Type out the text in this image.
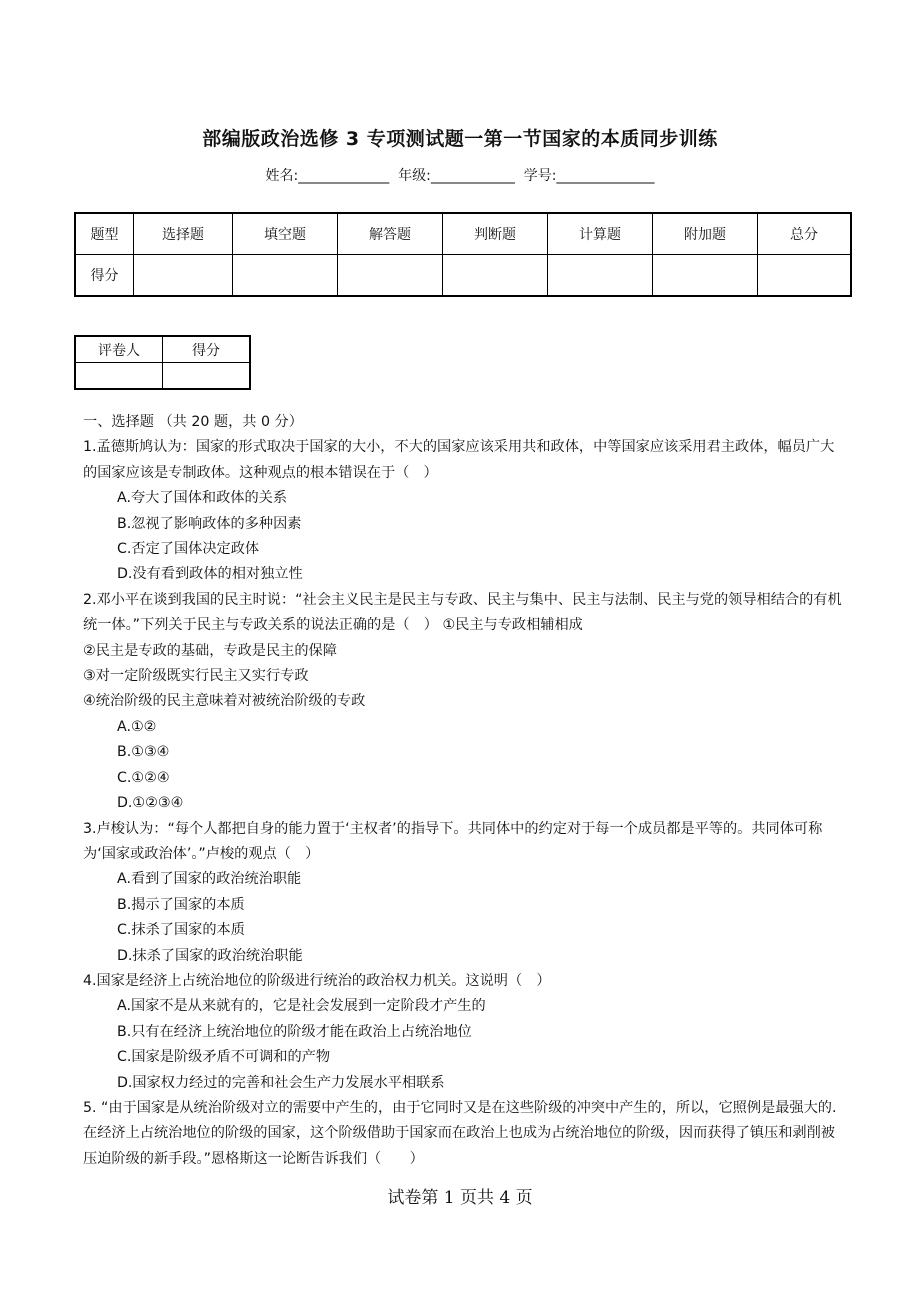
部编版政治选修 3 专项测试题一第一节国家的本质同步训练
姓名:_____________ 年级:____________ 学号:______________
题型	选择题	填空题	解答题	判断题	计算题	附加题	总分
得分							
评卷人	得分

一、选择题 （共 20 题，共 0 分）

1.孟德斯鸠认为：国家的形式取决于国家的大小，不大的国家应该采用共和政体，中等国家应该采用君主政体，幅员广大的国家应该是专制政体。这种观点的根本错误在于（　）

A.夸大了国体和政体的关系

B.忽视了影响政体的多种因素

C.否定了国体决定政体

D.没有看到政体的相对独立性

2.邓小平在谈到我国的民主时说：“社会主义民主是民主与专政、民主与集中、民主与法制、民主与党的领导相结合的有机统一体。”下列关于民主与专政关系的说法正确的是（　） ①民主与专政相辅相成

②民主是专政的基础，专政是民主的保障

③对一定阶级既实行民主又实行专政

④统治阶级的民主意味着对被统治阶级的专政

A.①②

B.①③④

C.①②④

D.①②③④

3.卢梭认为：“每个人都把自身的能力置于‘主权者’的指导下。共同体中的约定对于每一个成员都是平等的。共同体可称为‘国家或政治体’。”卢梭的观点（　）

A.看到了国家的政治统治职能

B.揭示了国家的本质

C.抹杀了国家的本质

D.抹杀了国家的政治统治职能

4.国家是经济上占统治地位的阶级进行统治的政治权力机关。这说明（　）

A.国家不是从来就有的，它是社会发展到一定阶段才产生的

B.只有在经济上统治地位的阶级才能在政治上占统治地位

C.国家是阶级矛盾不可调和的产物

D.国家权力经过的完善和社会生产力发展水平相联系

5. “由于国家是从统治阶级对立的需要中产生的，由于它同时又是在这些阶级的冲突中产生的，所以，它照例是最强大的.在经济上占统治地位的阶级的国家，这个阶级借助于国家而在政治上也成为占统治地位的阶级，因而获得了镇压和剥削被压迫阶级的新手段。”恩格斯这一论断告诉我们（　　）

试卷第 1 页共 4 页
